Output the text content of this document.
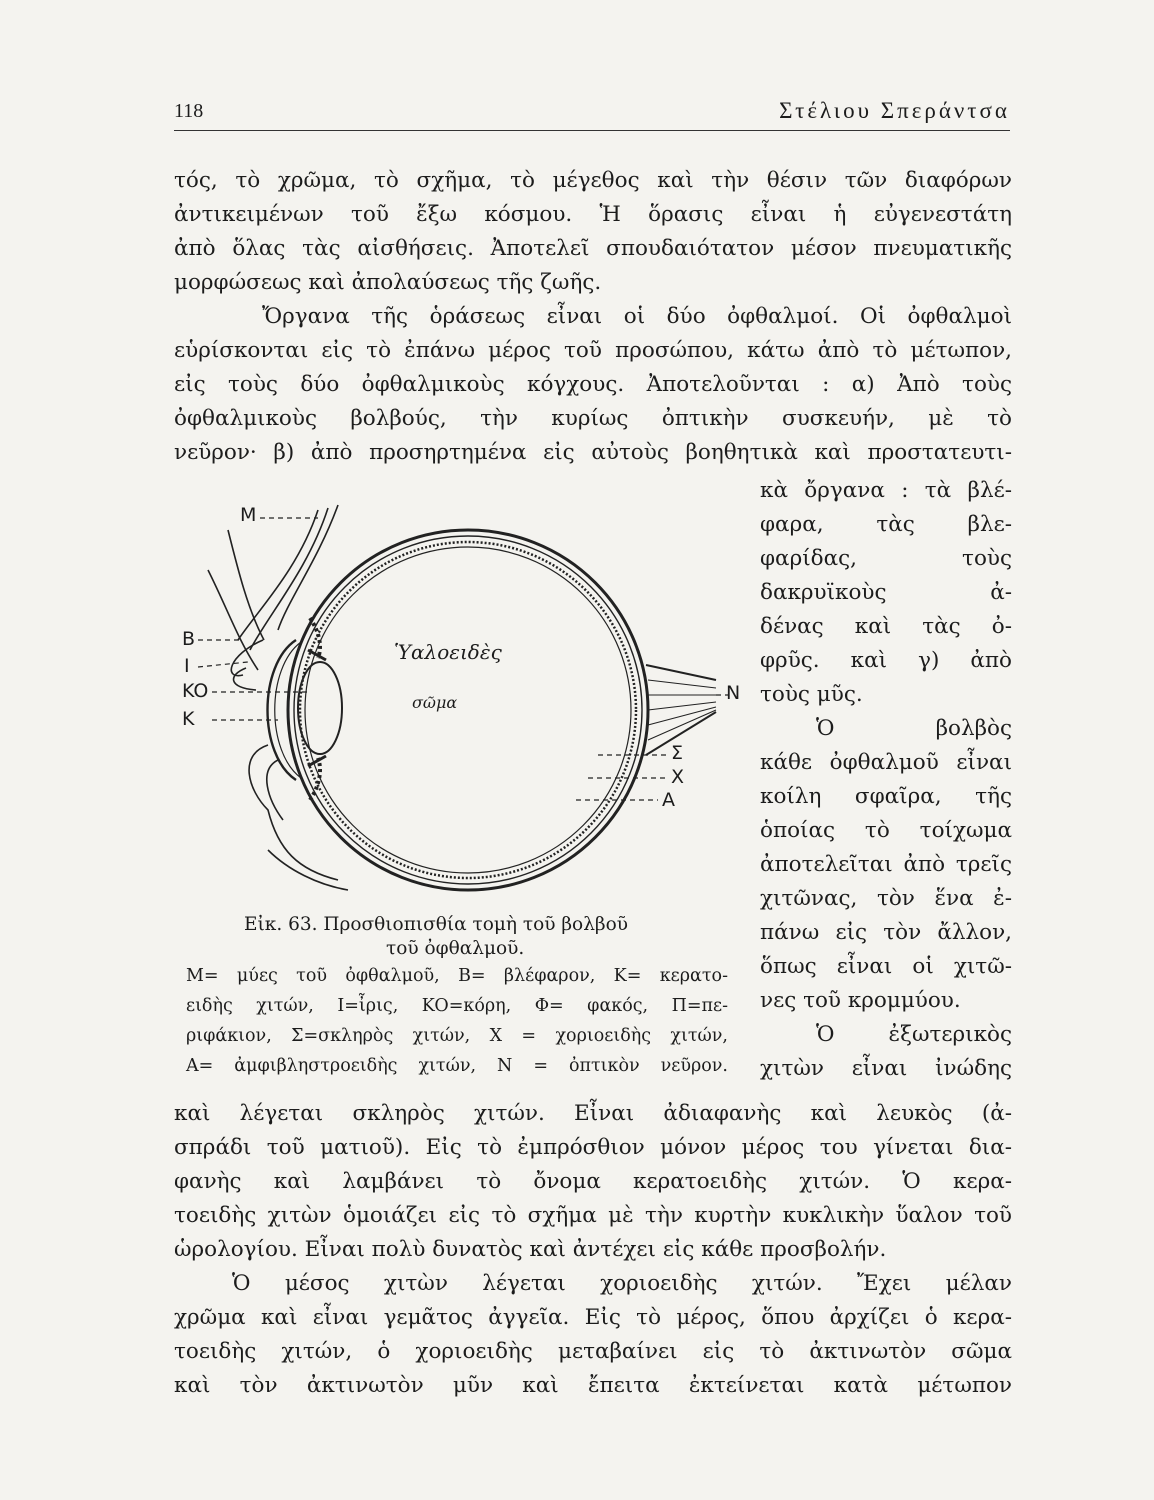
118	Στέλιου Σπεράντσα
τός, τὸ χρῶμα, τὸ σχῆμα, τὸ μέγεθος καὶ τὴν θέσιν τῶν διαφόρων
ἀντικειμένων τοῦ ἔξω κόσμου. Ἡ ὅρασις εἶναι ἡ εὐγενεστάτη
ἀπὸ ὅλας τὰς αἰσθήσεις. Ἀποτελεῖ σπουδαιότατον μέσον πνευματικῆς
μορφώσεως καὶ ἀπολαύσεως τῆς ζωῆς.
Ὄργανα τῆς ὁράσεως εἶναι οἱ δύο ὀφθαλμοί. Οἱ ὀφθαλμοὶ
εὑρίσκονται εἰς τὸ ἐπάνω μέρος τοῦ προσώπου, κάτω ἀπὸ τὸ μέτωπον,
εἰς τοὺς δύο ὀφθαλμικοὺς κόγχους. Ἀποτελοῦνται : α) Ἀπὸ τοὺς
ὀφθαλμικοὺς βολβούς, τὴν κυρίως ὀπτικὴν συσκευήν, μὲ τὸ
νεῦρον· β) ἀπὸ προσηρτημένα εἰς αὐτοὺς βοηθητικὰ καὶ προστατευτι-
κὰ ὄργανα : τὰ βλέ-
φαρα, τὰς βλε-
φαρίδας, τοὺς
δακρυϊκοὺς ἀ-
δένας καὶ τὰς ὀ-
φρῦς. καὶ γ) ἀπὸ
τοὺς μῦς.
Ὁ βολβὸς
κάθε ὀφθαλμοῦ εἶναι
κοίλη σφαῖρα, τῆς
ὁποίας τὸ τοίχωμα
ἀποτελεῖται ἀπὸ τρεῖς
χιτῶνας, τὸν ἕνα ἐ-
πάνω εἰς τὸν ἄλλον,
ὅπως εἶναι οἱ χιτῶ-
νες τοῦ κρομμύου.
Ὁ ἐξωτερικὸς
χιτὼν εἶναι ἰνώδης
M
B
I
KO
K
N
Σ
X
A
Ὑαλοειδὲς
σῶμα
Εἰκ. 63. Προσθιοπισθία τομὴ τοῦ βολβοῦ
τοῦ ὀφθαλμοῦ.
M= μύες τοῦ ὀφθαλμοῦ, B= βλέφαρον, K= κερατο-
ειδὴς χιτών, I=ἶρις, KO=κόρη, Φ= φακός, Π=πε-
ριφάκιον, Σ=σκληρὸς χιτών, X = χοριοειδὴς χιτών,
A= ἀμφιβληστροειδὴς χιτών, N = ὀπτικὸν νεῦρον.
καὶ λέγεται σκληρὸς χιτών. Εἶναι ἀδιαφανὴς καὶ λευκὸς (ἀ-
σπράδι τοῦ ματιοῦ). Εἰς τὸ ἐμπρόσθιον μόνον μέρος του γίνεται δια-
φανὴς καὶ λαμβάνει τὸ ὄνομα κερατοειδὴς χιτών. Ὁ κερα-
τοειδὴς χιτὼν ὁμοιάζει εἰς τὸ σχῆμα μὲ τὴν κυρτὴν κυκλικὴν ὕαλον τοῦ
ὡρολογίου. Εἶναι πολὺ δυνατὸς καὶ ἀντέχει εἰς κάθε προσβολήν.
Ὁ μέσος χιτὼν λέγεται χοριοειδὴς χιτών. Ἔχει μέλαν
χρῶμα καὶ εἶναι γεμᾶτος ἀγγεῖα. Εἰς τὸ μέρος, ὅπου ἀρχίζει ὁ κερα-
τοειδὴς χιτών, ὁ χοριοειδὴς μεταβαίνει εἰς τὸ ἀκτινωτὸν σῶμα
καὶ τὸν ἀκτινωτὸν μῦν καὶ ἔπειτα ἐκτείνεται κατὰ μέτωπον
